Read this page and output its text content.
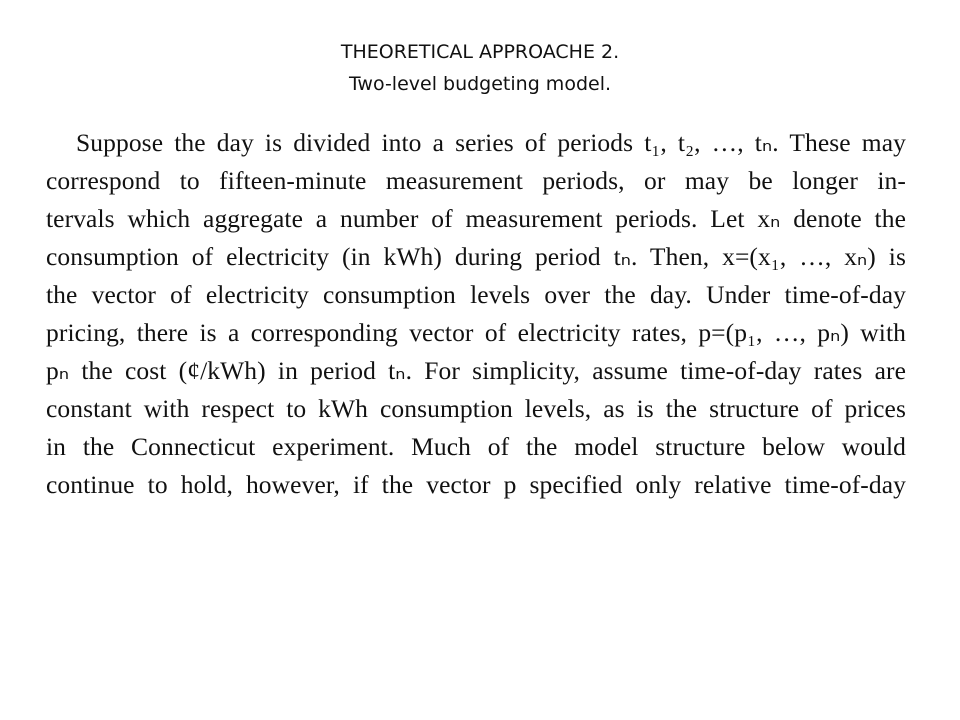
THEORETICAL APPROACHE 2.
Two-level budgeting model.
Suppose the day is divided into a series of periods t₁, t₂, …, tₙ. These may
correspond to fifteen-minute measurement periods, or may be longer in-
tervals which aggregate a number of measurement periods. Let xₙ denote the
consumption of electricity (in kWh) during period tₙ. Then, x=(x₁, …, xₙ) is
the vector of electricity consumption levels over the day. Under time-of-day
pricing, there is a corresponding vector of electricity rates, p=(p₁, …, pₙ) with
pₙ the cost (¢/kWh) in period tₙ. For simplicity, assume time-of-day rates are
constant with respect to kWh consumption levels, as is the structure of prices
in the Connecticut experiment. Much of the model structure below would
continue to hold, however, if the vector p specified only relative time-of-day
